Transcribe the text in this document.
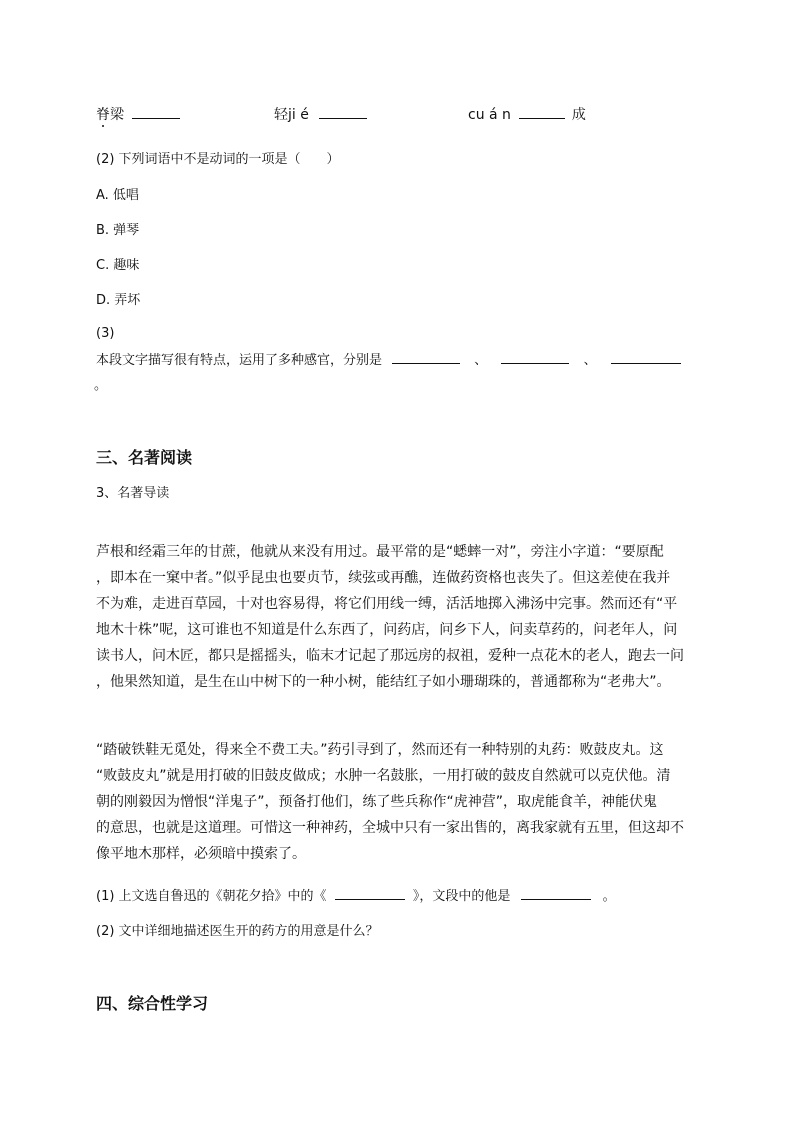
脊梁	轻ji é	cu á n	成
(2) 下列词语中不是动词的一项是（　　）
A. 低唱
B. 弹琴
C. 趣味
D. 弄坏
(3)
本段文字描写很有特点，运用了多种感官，分别是	、	、
。
三、名著阅读
3、名著导读
芦根和经霜三年的甘蔗，他就从来没有用过。最平常的是“蟋蟀一对”，旁注小字道：“要原配
，即本在一窠中者。”似乎昆虫也要贞节，续弦或再醮，连做药资格也丧失了。但这差使在我并
不为难，走进百草园，十对也容易得，将它们用线一缚，活活地掷入沸汤中完事。然而还有“平
地木十株”呢，这可谁也不知道是什么东西了，问药店，问乡下人，问卖草药的，问老年人，问
读书人，问木匠，都只是摇摇头，临末才记起了那远房的叔祖，爱种一点花木的老人，跑去一问
，他果然知道，是生在山中树下的一种小树，能结红子如小珊瑚珠的，普通都称为“老弗大”。
“踏破铁鞋无觅处，得来全不费工夫。”药引寻到了，然而还有一种特别的丸药：败鼓皮丸。这
“败鼓皮丸”就是用打破的旧鼓皮做成；水肿一名鼓胀，一用打破的鼓皮自然就可以克伏他。清
朝的刚毅因为憎恨“洋鬼子”，预备打他们，练了些兵称作“虎神营”，取虎能食羊，神能伏鬼
的意思，也就是这道理。可惜这一种神药，全城中只有一家出售的，离我家就有五里，但这却不
像平地木那样，必须暗中摸索了。
(1) 上文选自鲁迅的《朝花夕拾》中的《	》，文段中的他是	。
(2) 文中详细地描述医生开的药方的用意是什么？
四、综合性学习
